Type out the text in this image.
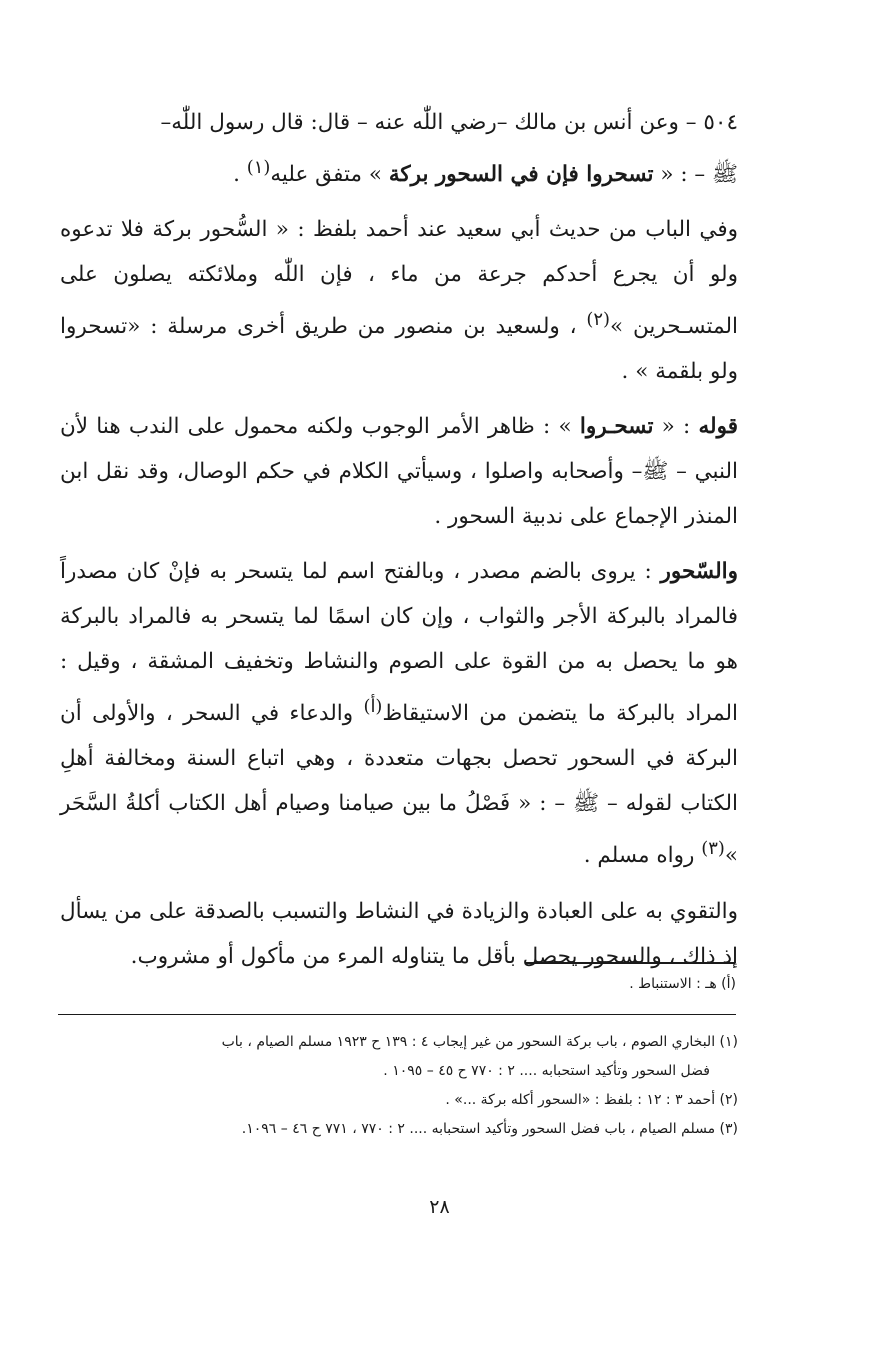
٥٠٤ – وعن أنس بن مالك –رضي اللّٰه عنه – قال: قال رسول اللّٰه–
ﷺ – : « تسحروا فإن في السحور بركة » متفق عليه$^{(١)}$ .

وفي الباب من حديث أبي سعيد عند أحمد بلفظ : « السُّحور بركة فلا تدعوه ولو أن يجرع أحدكم جرعة من ماء ، فإن اللّٰه وملائكته يصلون على المتسـحرين »$^{(٢)}$ ، ولسعيد بن منصور من طريق أخرى مرسلة : «تسحروا ولو بلقمة » .

قوله : « تسحـروا » : ظاهر الأمر الوجوب ولكنه محمول على الندب هنا لأن النبي – ﷺ– وأصحابه واصلوا ، وسيأتي الكلام في حكم الوصال، وقد نقل ابن المنذر الإجماع على ندبية السحور .

والسّحور : يروى بالضم مصدر ، وبالفتح اسم لما يتسحر به فإنْ كان مصدراً فالمراد بالبركة الأجر والثواب ، وإن كان اسمًا لما يتسحر به فالمراد بالبركة هو ما يحصل به من القوة على الصوم والنشاط وتخفيف المشقة ، وقيل : المراد بالبركة ما يتضمن من الاستيقاظ$^{(أ)}$ والدعاء في السحر ، والأولى أن البركة في السحور تحصل بجهات متعددة ، وهي اتباع السنة ومخالفة أهلِ الكتاب لقوله – ﷺ – : « فَصْلُ ما بين صيامنا وصيام أهل الكتاب أكلةُ السَّحَر »$^{(٣)}$ رواه مسلم .

والتقوي به على العبادة والزيادة في النشاط والتسبب بالصدقة على من يسأل إذ ذاك ، والسحور يحصل بأقل ما يتناوله المرء من مأكول أو مشروب.

(أ) هـ : الاستنباط .

(١) البخاري الصوم ، باب بركة السحور من غير إيجاب ٤ : ١٣٩ ح ١٩٢٣ مسلم الصيام ، باب

فضل السحور وتأكيد استحبابه .... ٢ : ٧٧٠ ح ٤٥ – ١٠٩٥ .

(٢) أحمد ٣ : ١٢ : بلفظ : «السحور أكله بركة ...» .

(٣) مسلم الصيام ، باب فضل السحور وتأكيد استحبابه .... ٢ : ٧٧٠ ، ٧٧١ ح ٤٦ – ١٠٩٦.

٢٨
